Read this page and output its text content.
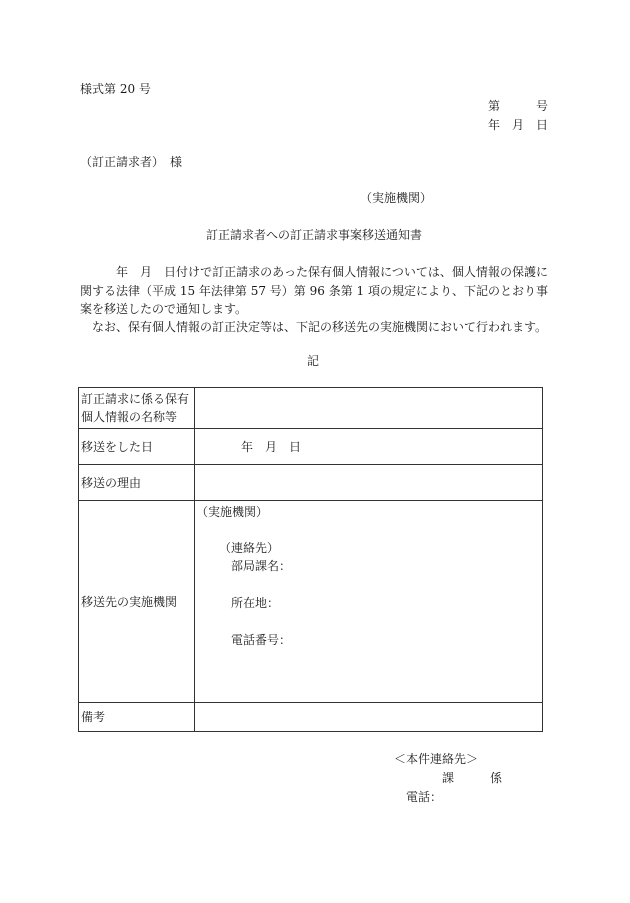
様式第 20 号
第　　　号
年　月　日
（訂正請求者）　様
（実施機関）
訂正請求者への訂正請求事案移送通知書
年　月　日付けで訂正請求のあった保有個人情報については、個人情報の保護に関する法律（平成 15 年法律第 57 号）第 96 条第 1 項の規定により、下記のとおり事案を移送したので通知します。
なお、保有個人情報の訂正決定等は、下記の移送先の実施機関において行われます。
記
訂正請求に係る保有個人情報の名称等	
移送をした日	年　月　日
移送の理由	
移送先の実施機関	（実施機関）
（連絡先）
部局課名：
所在地：
電話番号：

備考	
＜本件連絡先＞
課　　　係
電話：
